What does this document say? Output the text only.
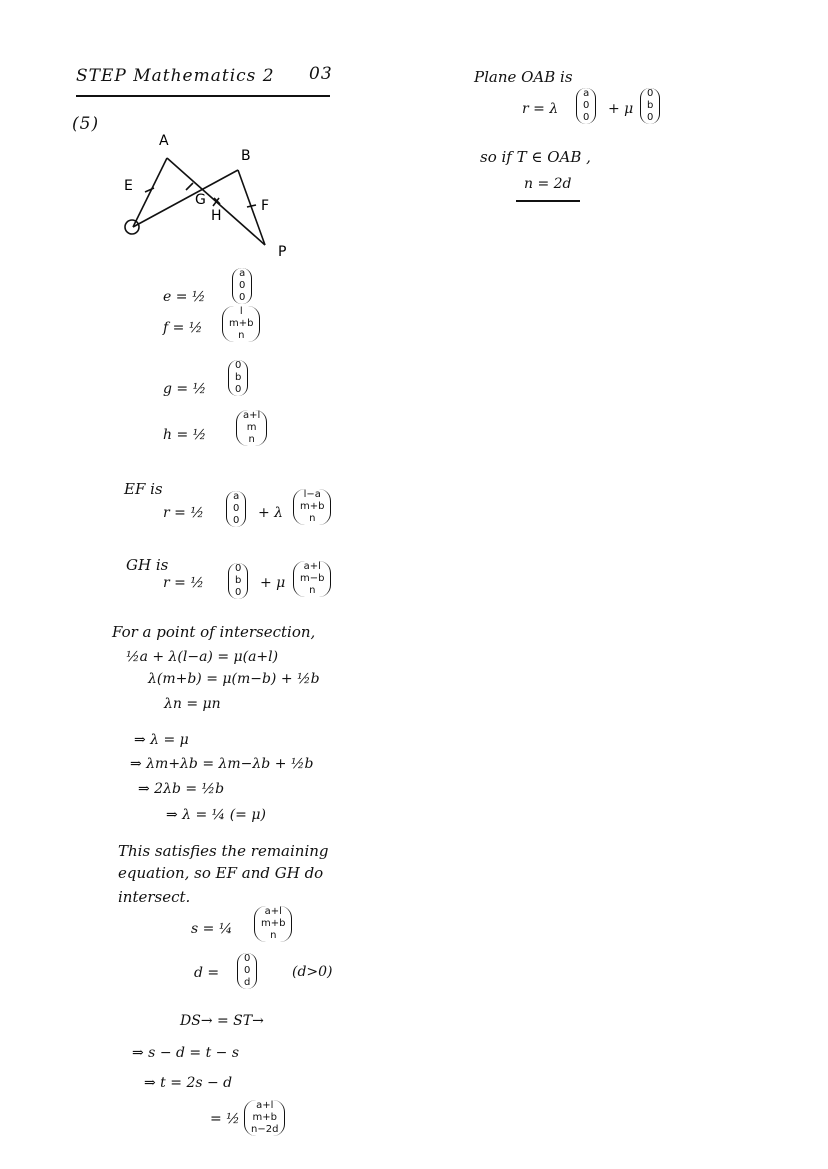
STEP Mathematics 2 03
(5)
A
B
E
G
H
F
P
e = ½
a
0
0
f = ½
l
m+b
n
g = ½
0
b
0
h = ½
a+l
m
n
EF is
r = ½
a
0
0 + λ
l−a
m+b
n
GH is
r = ½
0
b
0
+ μ
a+l
m−b
n
For a point of intersection,
½a + λ(l−a) = μ(a+l)
λ(m+b) = μ(m−b) + ½b
λn = μn
⇒ λ = μ
⇒ λm+λb = λm−λb + ½b
⇒ 2λb = ½b
⇒ λ = ¼ (= μ)
This satisfies the remaining
equation, so EF and GH do
intersect.
s = ¼
a+l
m+b
n
d =
0
0
d
(d>0)
DS→ = ST→
⇒ s − d = t − s
⇒ t = 2s − d
= ½
a+l
m+b
n−2d
Plane OAB is
r = λ
a
0
0
+ μ
0
b
0
so if T ∈ OAB ,
n = 2d
